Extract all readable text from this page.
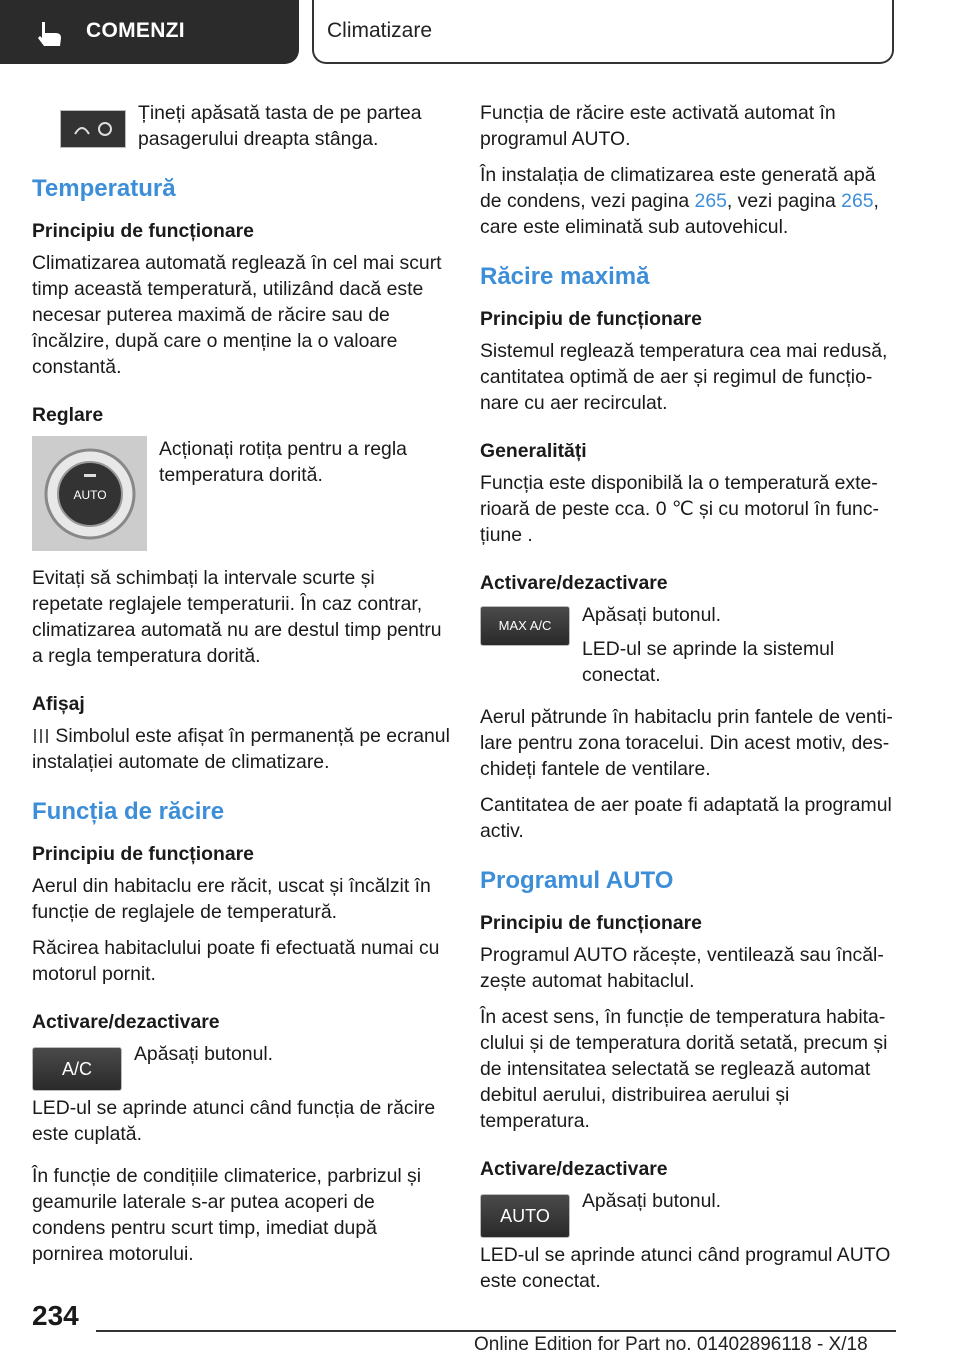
COMENZI	Climatizare

Țineți apăsată tasta de pe partea pasagerului dreapta stânga.

Temperatură
Principiu de funcționare

Climatizarea automată reglează în cel mai scurt timp această temperatură, utilizând dacă este necesar puterea maximă de răcire sau de încălzire, după care o menține la o valoare constantă.

Reglare
AUTO

Acționați rotița pentru a regla temperatura dorită.

Evitați să schimbați la intervale scurte și repetate reglajele temperaturii. În caz contrar, climatizarea automată nu are destul timp pentru a regla temperatura dorită.

Afișaj

Simbolul este afișat în permanență pe ecranul instalației automate de climatizare.

Funcția de răcire
Principiu de funcționare

Aerul din habitaclu ere răcit, uscat și încălzit în funcție de reglajele de temperatură.

Răcirea habitaclului poate fi efectuată numai cu motorul pornit.

Activare/dezactivare
A/C

Apăsați butonul.

LED-ul se aprinde atunci când funcția de răcire este cuplată.

În funcție de condițiile climaterice, parbrizul și geamurile laterale s-ar putea acoperi de condens pentru scurt timp, imediat după pornirea motorului.

Funcția de răcire este activată automat în programul AUTO.

În instalația de climatizarea este generată apă de condens, vezi pagina 265, vezi pagina 265, care este eliminată sub autovehicul.

Răcire maximă
Principiu de funcționare

Sistemul reglează temperatura cea mai redusă, cantitatea optimă de aer și regimul de funcționare cu aer recirculat.

Generalități

Funcția este disponibilă la o temperatură exterioară de peste cca. 0 ℃ și cu motorul în funcțiune .

Activare/dezactivare
MAX A/C	Apăsați butonul.

LED-ul se aprinde la sistemul conectat.

Aerul pătrunde în habitaclu prin fantele de ventilare pentru zona toracelui. Din acest motiv, deschideți fantele de ventilare.

Cantitatea de aer poate fi adaptată la programul activ.

Programul AUTO
Principiu de funcționare

Programul AUTO răcește, ventilează sau încălzește automat habitaclul.

În acest sens, în funcție de temperatura habitaclului și de temperatura dorită setată, precum și de intensitatea selectată se reglează automat debitul aerului, distribuirea aerului și temperatura.

Activare/dezactivare
AUTO

Apăsați butonul.

LED-ul se aprinde atunci când programul AUTO este conectat.

234
Online Edition for Part no. 01402896118 - X/18
